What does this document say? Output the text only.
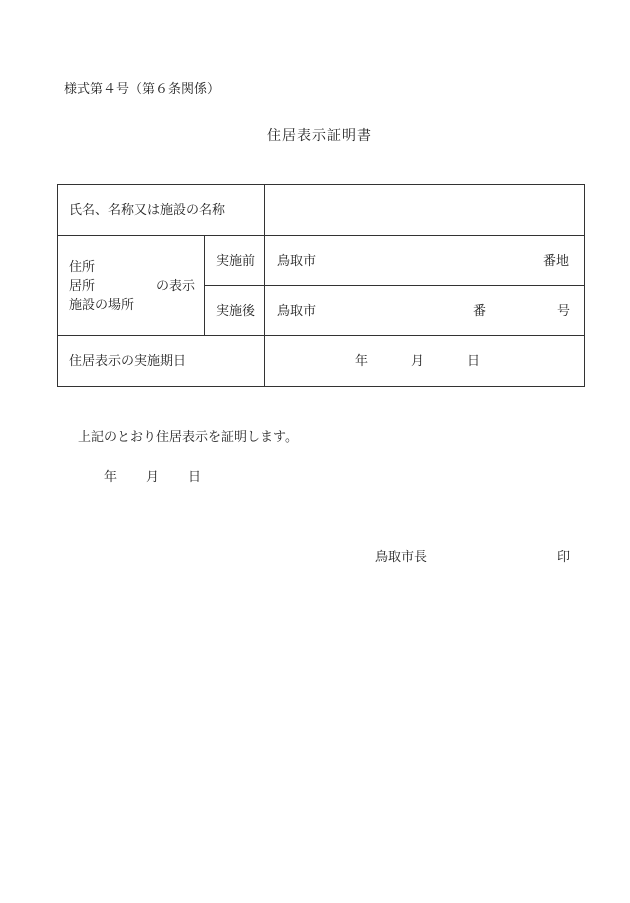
様式第４号（第６条関係）
住居表示証明書
氏名、名称又は施設の名称
住所
居所	の表示
施設の場所
実施前 鳥取市	番地
実施後 鳥取市	番	号
住居表示の実施期日	年	月	日
上記のとおり住居表示を証明します。
年 月 日
鳥取市長	印
